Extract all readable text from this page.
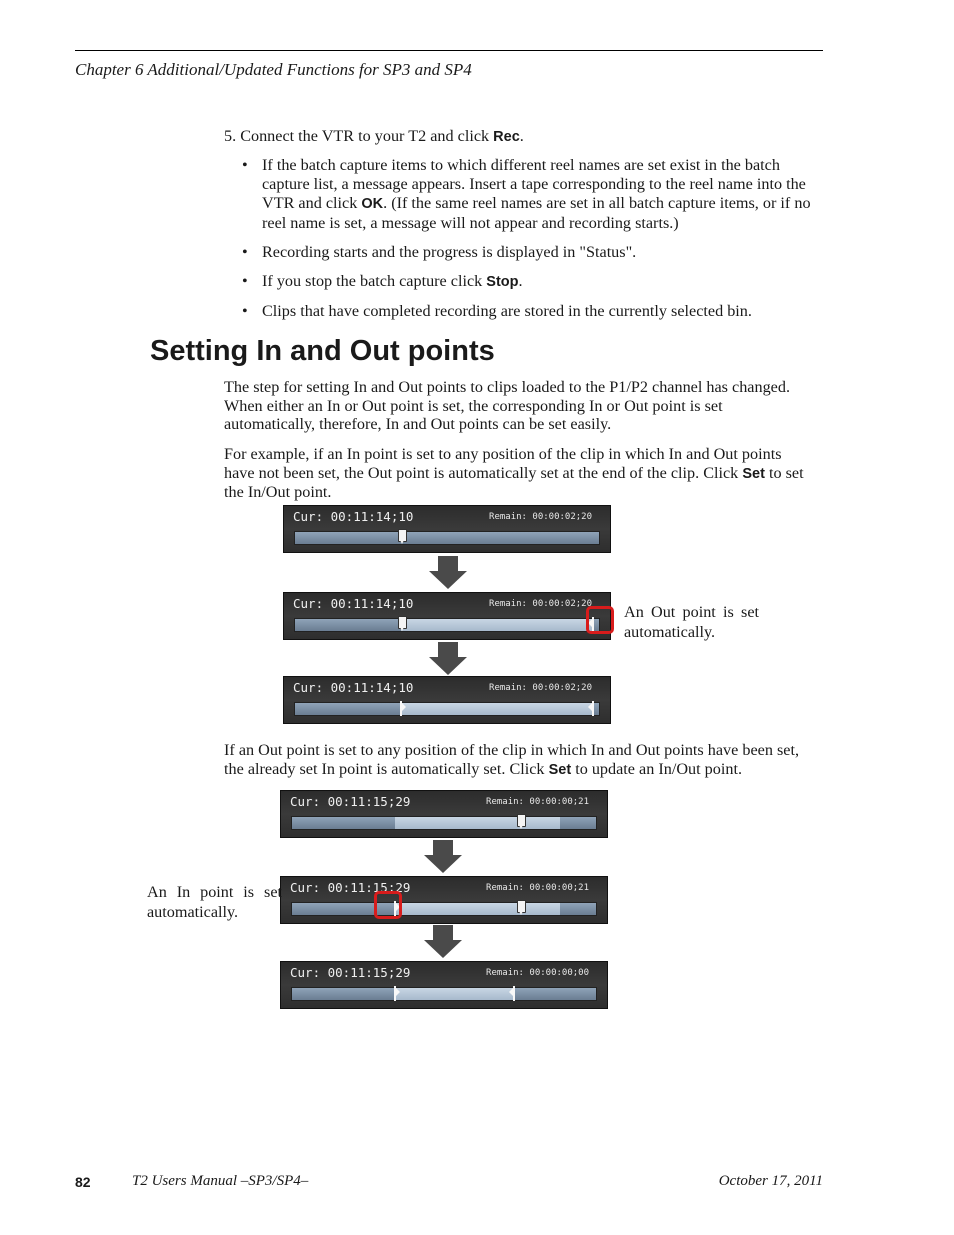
Chapter 6 Additional/Updated Functions for SP3 and SP4
5. Connect the VTR to your T2 and click Rec.
• If the batch capture items to which different reel names are set exist in the batch capture list, a message appears. Insert a tape corresponding to the reel name into the VTR and click OK. (If the same reel names are set in all batch capture items, or if no reel name is set, a message will not appear and recording starts.)
• Recording starts and the progress is displayed in "Status".
• If you stop the batch capture click Stop.
• Clips that have completed recording are stored in the currently selected bin.
Setting In and Out points

The step for setting In and Out points to clips loaded to the P1/P2 channel has changed. When either an In or Out point is set, the corresponding In or Out point is set automatically, therefore, In and Out points can be set easily.

For example, if an In point is set to any position of the clip in which In and Out points have not been set, the Out point is automatically set at the end of the clip. Click Set to set the In/Out point.

Cur: 00:11:14;10	Remain: 00:00:02;20
Cur: 00:11:14;10	Remain: 00:00:02;20 An Out point is set automatically.
Cur: 00:11:14;10	Remain: 00:00:02;20

If an Out point is set to any position of the clip in which In and Out points have been set, the already set In point is automatically set. Click Set to update an In/Out point.

Cur: 00:11:15;29	Remain: 00:00:00;21
Cur: 00:11:15;29	Remain: 00:00:00;21
An In point is set automatically.
Cur: 00:11:15;29	Remain: 00:00:00;00
82	T2 Users Manual –SP3/SP4–	October 17, 2011
